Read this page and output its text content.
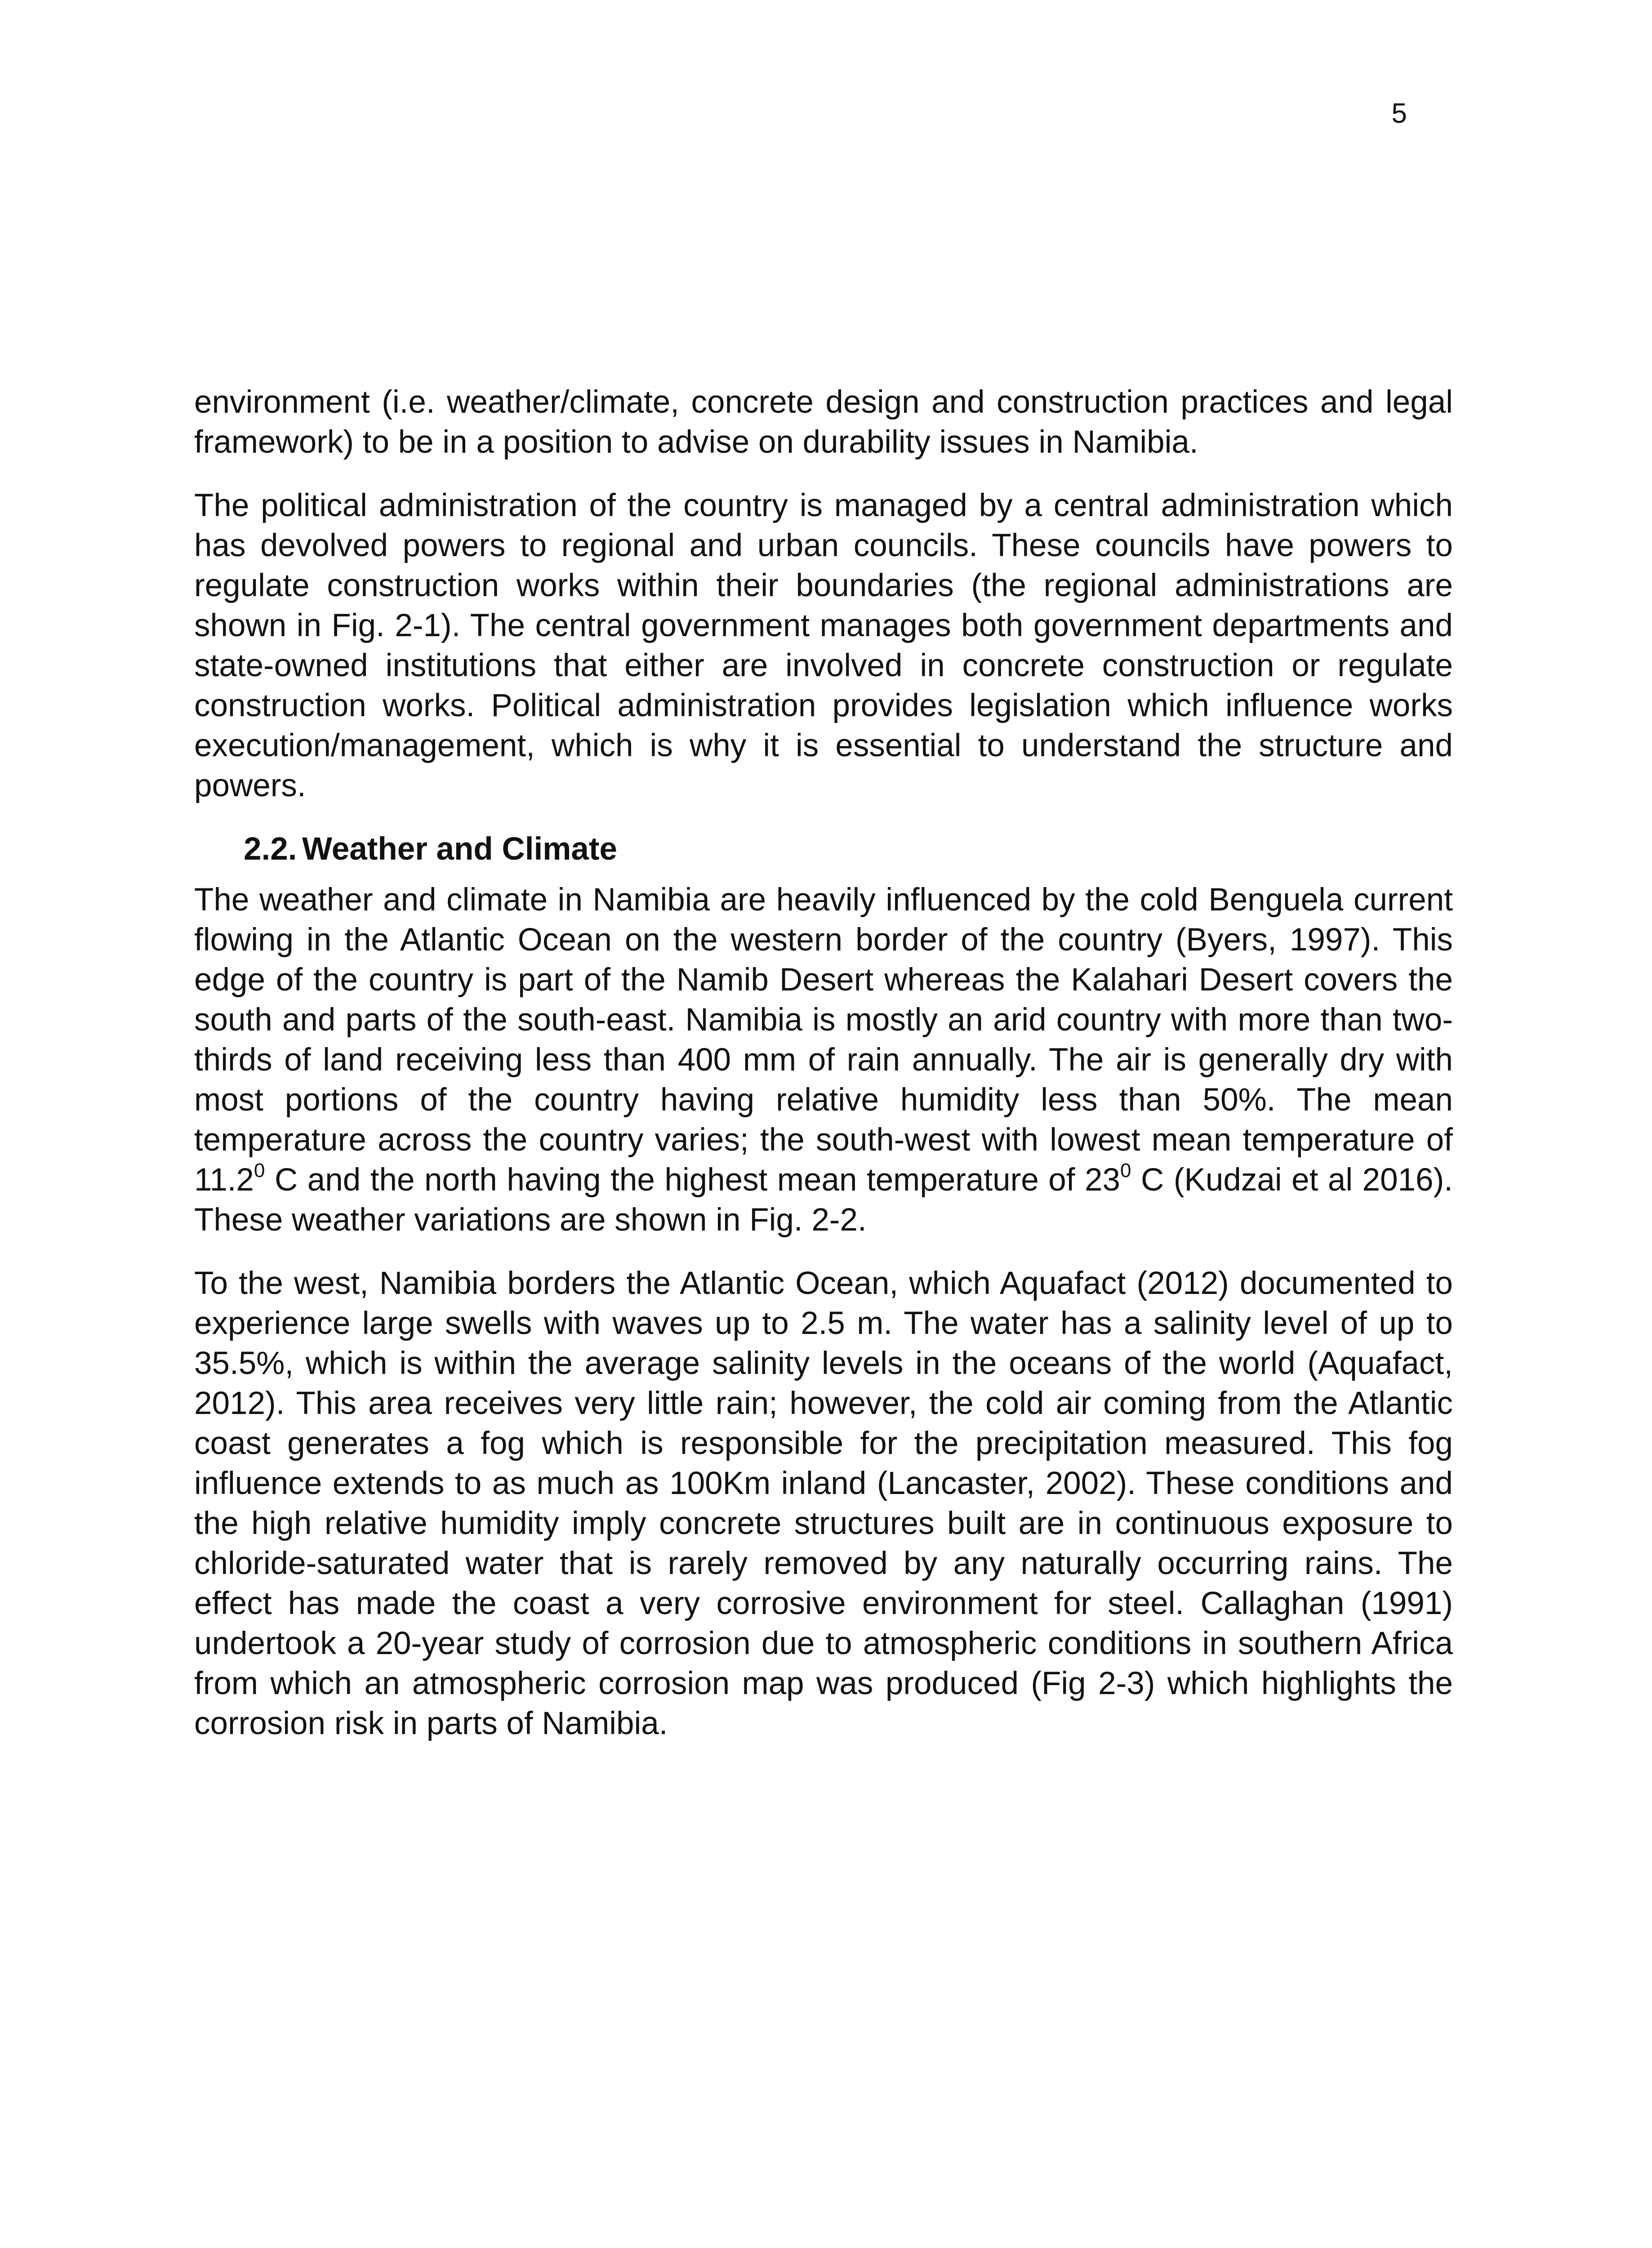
5

environment (i.e. weather/climate, concrete design and construction practices and legal framework) to be in a position to advise on durability issues in Namibia.

The political administration of the country is managed by a central administration which has devolved powers to regional and urban councils. These councils have powers to regulate construction works within their boundaries (the regional administrations are shown in Fig. 2-1). The central government manages both government departments and state-owned institutions that either are involved in concrete construction or regulate construction works. Political administration provides legislation which influence works execution/management, which is why it is essential to understand the structure and powers.

2.2. Weather and Climate

The weather and climate in Namibia are heavily influenced by the cold Benguela current flowing in the Atlantic Ocean on the western border of the country (Byers, 1997). This edge of the country is part of the Namib Desert whereas the Kalahari Desert covers the south and parts of the south-east. Namibia is mostly an arid country with more than two-thirds of land receiving less than 400 mm of rain annually. The air is generally dry with most portions of the country having relative humidity less than 50%. The mean temperature across the country varies; the south-west with lowest mean temperature of 11.2$^0$ C and the north having the highest mean temperature of $23^0$ C (Kudzai et al 2016). These weather variations are shown in Fig. 2-2.

To the west, Namibia borders the Atlantic Ocean, which Aquafact (2012) documented to experience large swells with waves up to 2.5 m. The water has a salinity level of up to 35.5%, which is within the average salinity levels in the oceans of the world (Aquafact, 2012). This area receives very little rain; however, the cold air coming from the Atlantic coast generates a fog which is responsible for the precipitation measured. This fog influence extends to as much as 100Km inland (Lancaster, 2002). These conditions and the high relative humidity imply concrete structures built are in continuous exposure to chloride-saturated water that is rarely removed by any naturally occurring rains. The effect has made the coast a very corrosive environment for steel. Callaghan (1991) undertook a 20-year study of corrosion due to atmospheric conditions in southern Africa from which an atmospheric corrosion map was produced (Fig 2-3) which highlights the corrosion risk in parts of Namibia.
